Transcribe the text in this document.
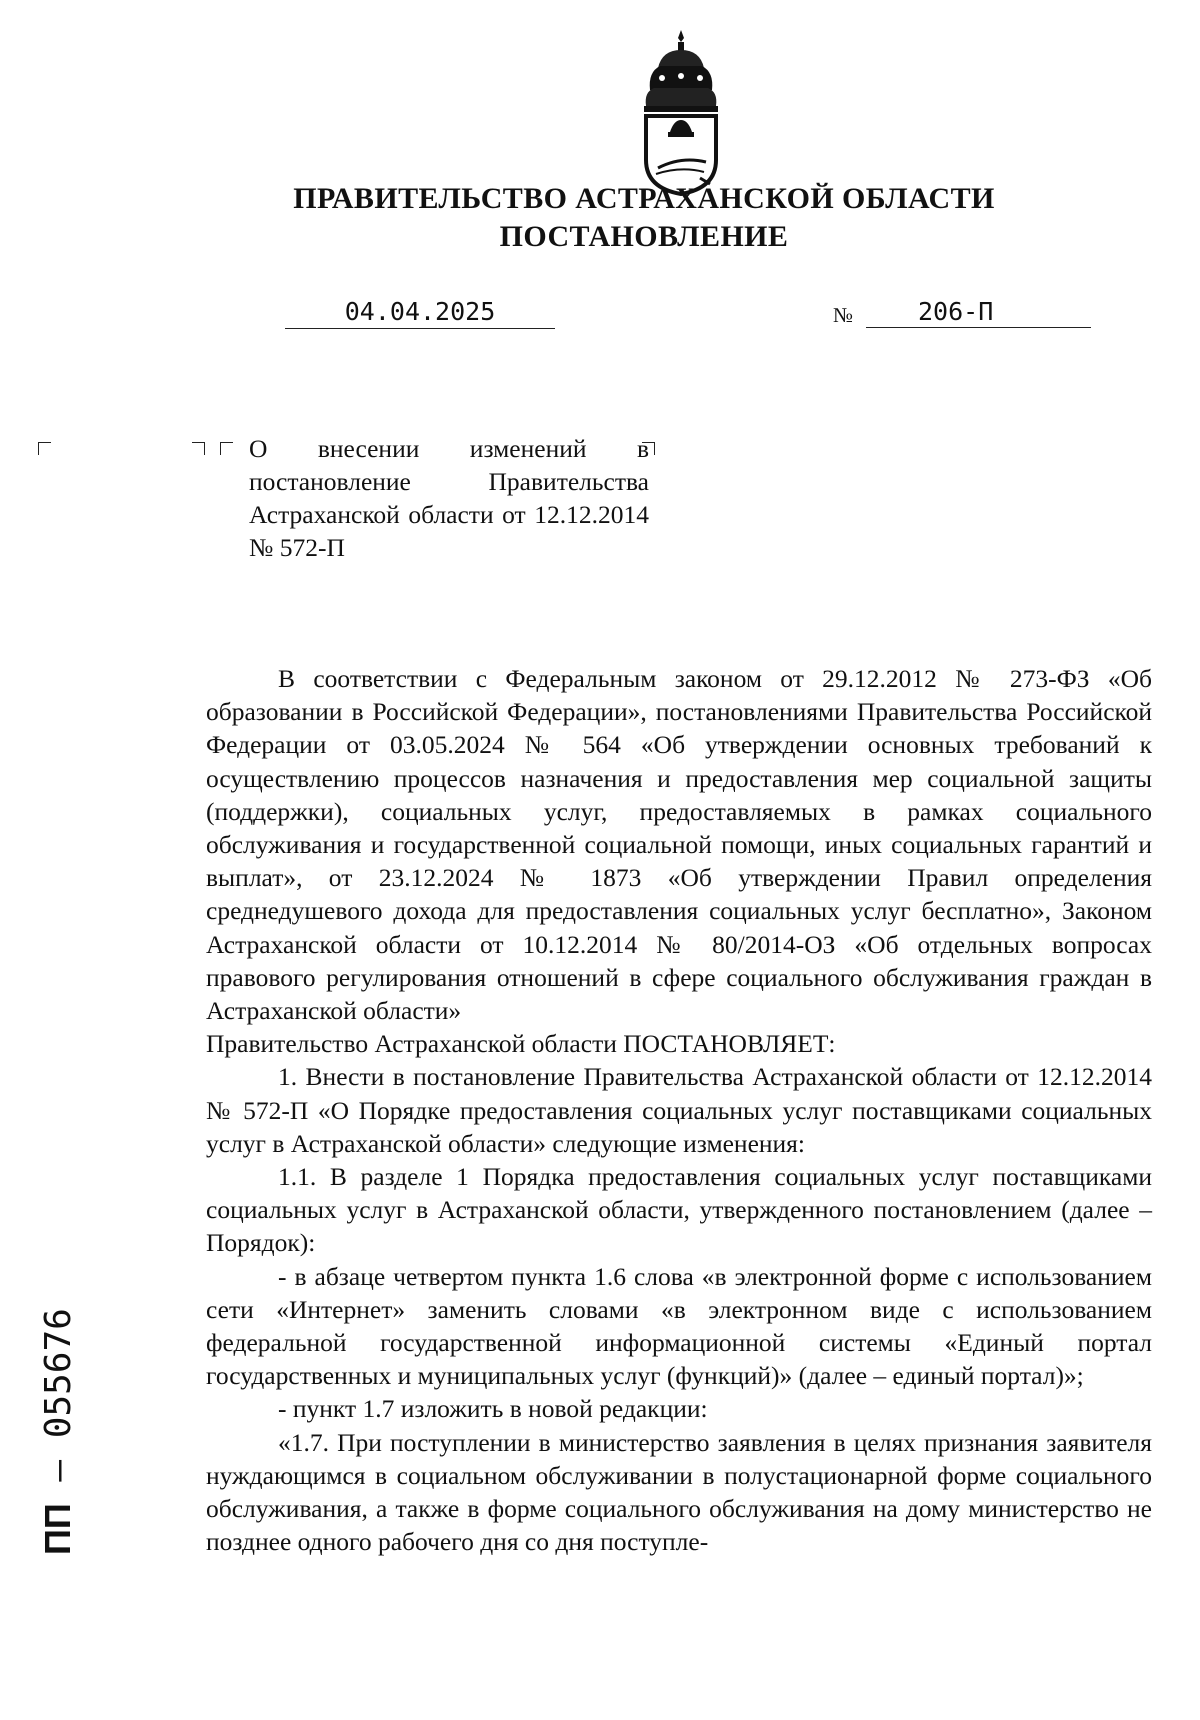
ПРАВИТЕЛЬСТВО АСТРАХАНСКОЙ ОБЛАСТИ
ПОСТАНОВЛЕНИЕ
04.04.2025	№	206-П
О внесении изменений в постановление Правительства Астраханской области от 12.12.2014 № 572-П

В соответствии с Федеральным законом от 29.12.2012 № 273-ФЗ «Об образовании в Российской Федерации», постановлениями Правительства Российской Федерации от 03.05.2024 № 564 «Об утверждении основных требований к осуществлению процессов назначения и предоставления мер социальной защиты (поддержки), социальных услуг, предоставляемых в рамках социального обслуживания и государственной социальной помощи, иных социальных гарантий и выплат», от 23.12.2024 № 1873 «Об утверждении Правил определения среднедушевого дохода для предоставления социальных услуг бесплатно», Законом Астраханской области от 10.12.2014 № 80/2014-ОЗ «Об отдельных вопросах правового регулирования отношений в сфере социального обслуживания граждан в Астраханской области»

Правительство Астраханской области ПОСТАНОВЛЯЕТ:

1. Внести в постановление Правительства Астраханской области от 12.12.2014 № 572-П «О Порядке предоставления социальных услуг поставщиками социальных услуг в Астраханской области» следующие изменения:

1.1. В разделе 1 Порядка предоставления социальных услуг поставщиками социальных услуг в Астраханской области, утвержденного постановлением (далее – Порядок):

- в абзаце четвертом пункта 1.6 слова «в электронной форме с использованием сети «Интернет» заменить словами «в электронном виде с использованием федеральной государственной информационной системы «Единый портал государственных и муниципальных услуг (функций)» (далее – единый портал)»;

- пункт 1.7 изложить в новой редакции:

«1.7. При поступлении в министерство заявления в целях признания заявителя нуждающимся в социальном обслуживании в полустационарной форме социального обслуживания, а также в форме социального обслуживания на дому министерство не позднее одного рабочего дня со дня поступле-

ПП – 055676
